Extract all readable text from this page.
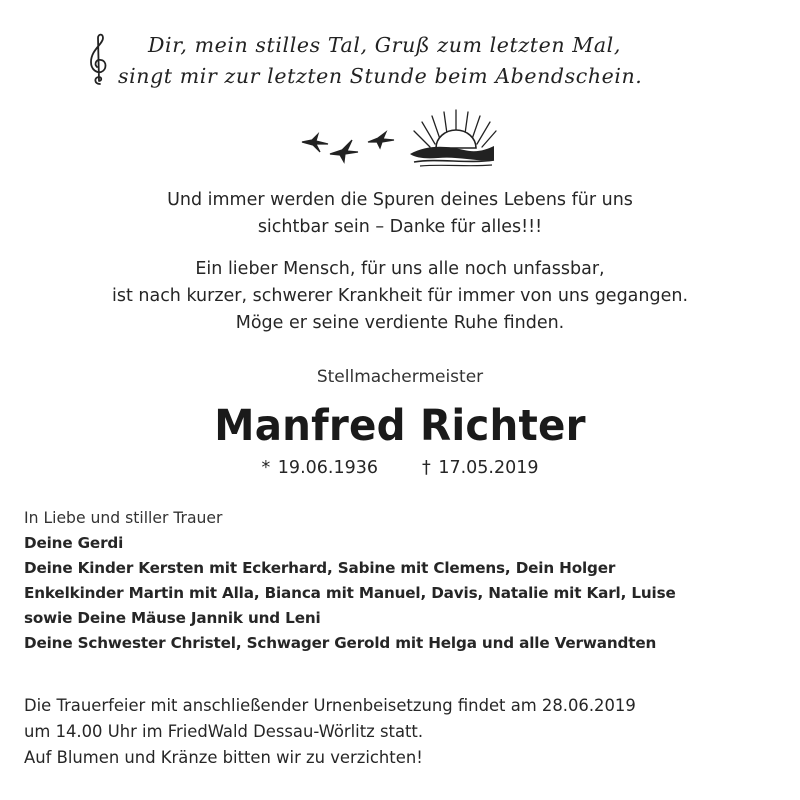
Dir, mein stilles Tal, Gruß zum letzten Mal,

singt mir zur letzten Stunde beim Abendschein.

Und immer werden die Spuren deines Lebens für uns

sichtbar sein – Danke für alles!!!

Ein lieber Mensch, für uns alle noch unfassbar,

ist nach kurzer, schwerer Krankheit für immer von uns gegangen.

Möge er seine verdiente Ruhe finden.

Stellmachermeister

Manfred Richter

* 19.06.1936	† 17.05.2019

In Liebe und stiller Trauer

Deine Gerdi

Deine Kinder Kersten mit Eckerhard, Sabine mit Clemens, Dein Holger

Enkelkinder Martin mit Alla, Bianca mit Manuel, Davis, Natalie mit Karl, Luise

sowie Deine Mäuse Jannik und Leni

Deine Schwester Christel, Schwager Gerold mit Helga und alle Verwandten

Die Trauerfeier mit anschließender Urnenbeisetzung findet am 28.06.2019

um 14.00 Uhr im FriedWald Dessau-Wörlitz statt.

Auf Blumen und Kränze bitten wir zu verzichten!
